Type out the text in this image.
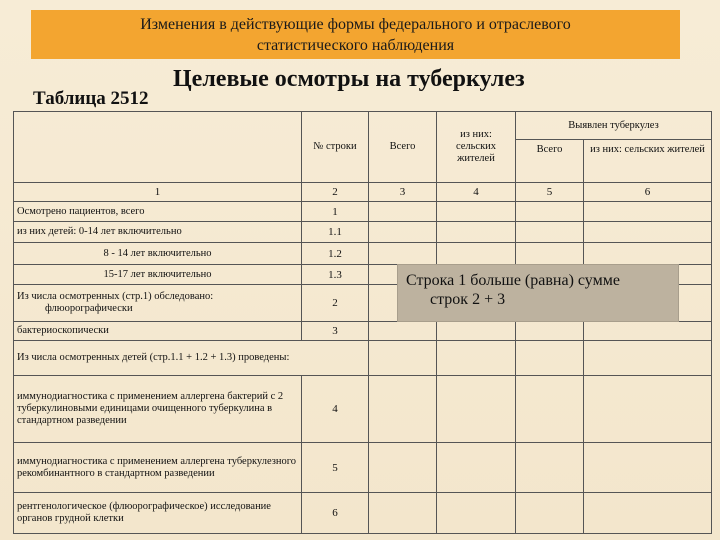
Изменения в действующие формы федерального и отраслевого
статистического наблюдения
Таблица 2512
Целевые осмотры на туберкулез
	№ строки	Всего	из них: сельских жителей	Выявлен туберкулез	
				Всего	из них: сельских жителей
1	2	3	4	5	6
Осмотрено пациентов, всего	1				
из них детей: 0-14 лет включительно	1.1				
8 - 14 лет включительно	1.2				
15-17 лет включительно	1.3				

Из числа осмотренных (стр.1) обследовано:
флюорографически	2				
бактериоскопически	3				
Из числа осмотренных детей (стр.1.1 + 1.2 + 1.3) проведены:					
иммунодиагностика с применением аллергена бактерий с 2 туберкулиновыми единицами очищенного туберкулина в стандартном разведении	4				
иммунодиагностика с применением аллергена туберкулезного рекомбинантного в стандартном разведении	5				
рентгенологическое (флюорографическое) исследование органов грудной клетки	6				
Строка 1 больше (равна) сумме
строк 2 + 3
